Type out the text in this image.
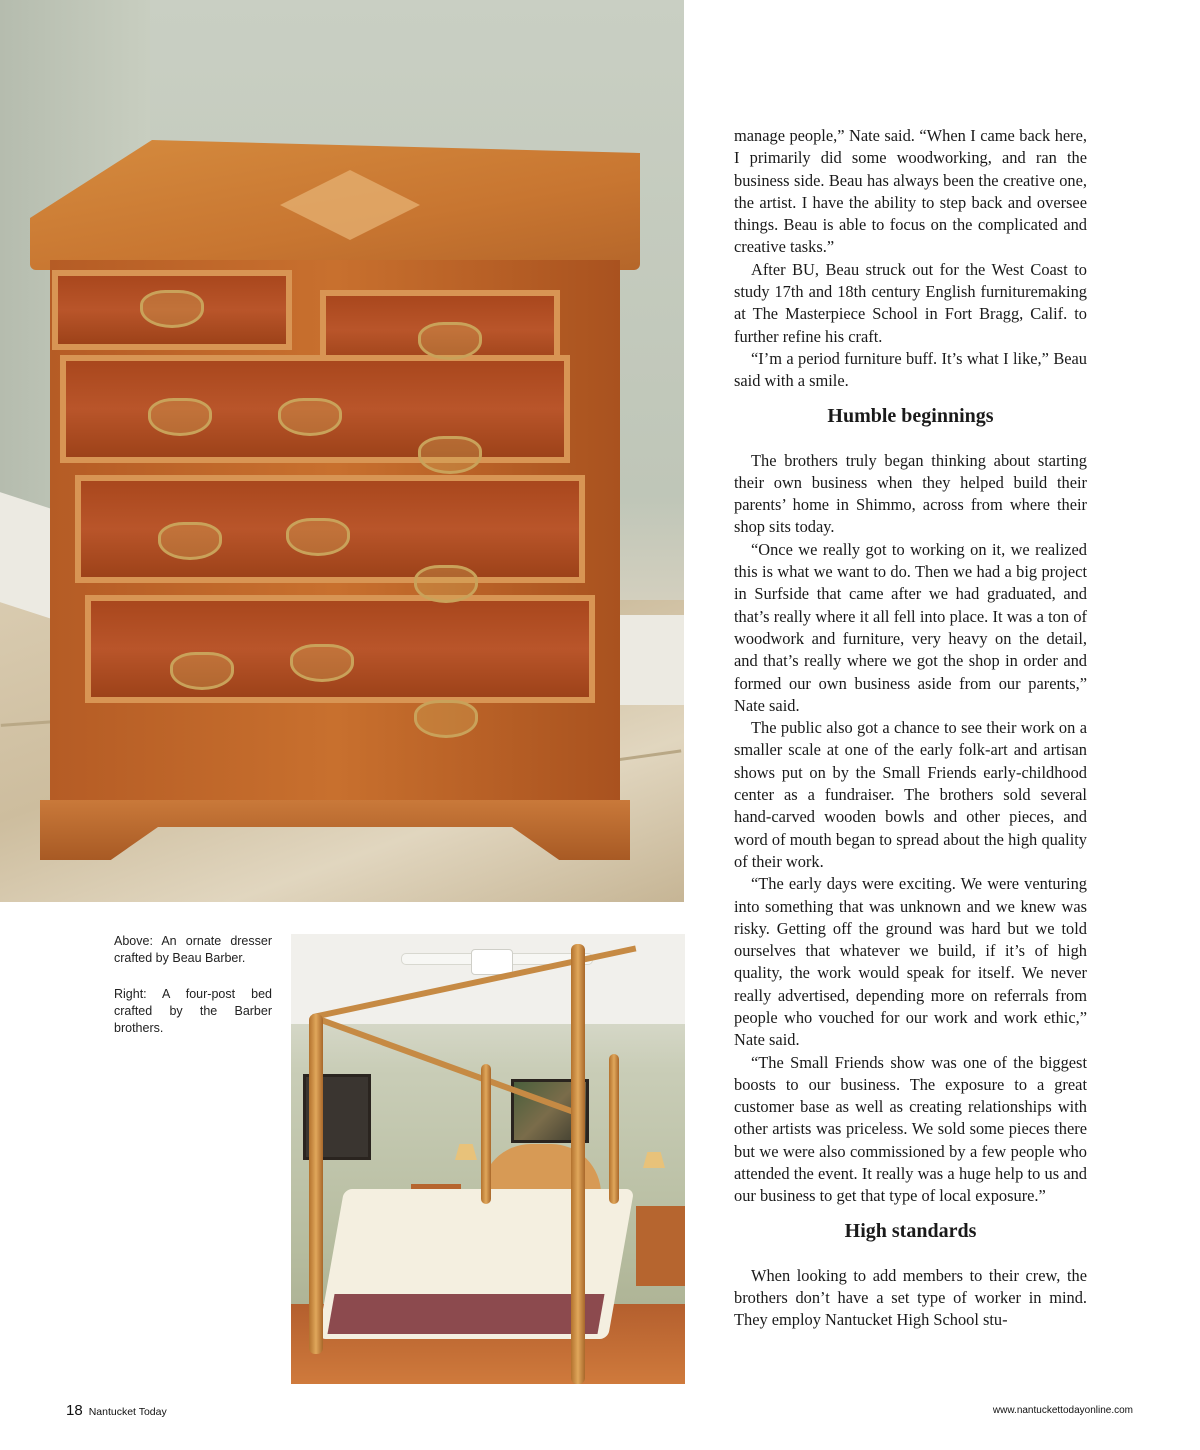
Above: An ornate dresser crafted by Beau Barber.
Right: A four-post bed crafted by the Barber brothers.

manage people,” Nate said. “When I came back here, I primarily did some woodworking, and ran the business side. Beau has always been the creative one, the artist. I have the ability to step back and oversee things. Beau is able to focus on the complicated and creative tasks.”

After BU, Beau struck out for the West Coast to study 17th and 18th century English furnituremaking at The Masterpiece School in Fort Bragg, Calif. to further refine his craft.

“I’m a period furniture buff. It’s what I like,” Beau said with a smile.

Humble beginnings

The brothers truly began thinking about starting their own business when they helped build their parents’ home in Shimmo, across from where their shop sits today.

“Once we really got to working on it, we realized this is what we want to do. Then we had a big project in Surfside that came after we had graduated, and that’s really where it all fell into place. It was a ton of woodwork and furniture, very heavy on the detail, and that’s really where we got the shop in order and formed our own business aside from our parents,” Nate said.

The public also got a chance to see their work on a smaller scale at one of the early folk-art and artisan shows put on by the Small Friends early-childhood center as a fundraiser. The brothers sold several hand-carved wooden bowls and other pieces, and word of mouth began to spread about the high quality of their work.

“The early days were exciting. We were venturing into something that was unknown and we knew was risky. Getting off the ground was hard but we told ourselves that whatever we build, if it’s of high quality, the work would speak for itself. We never really advertised, depending more on referrals from people who vouched for our work and work ethic,” Nate said.

“The Small Friends show was one of the biggest boosts to our business. The exposure to a great customer base as well as creating relationships with other artists was priceless. We sold some pieces there but we were also commissioned by a few people who attended the event. It really was a huge help to us and our business to get that type of local exposure.”

High standards

When looking to add members to their crew, the brothers don’t have a set type of worker in mind. They employ Nantucket High School stu-

18 Nantucket Today	www.nantuckettodayonline.com
